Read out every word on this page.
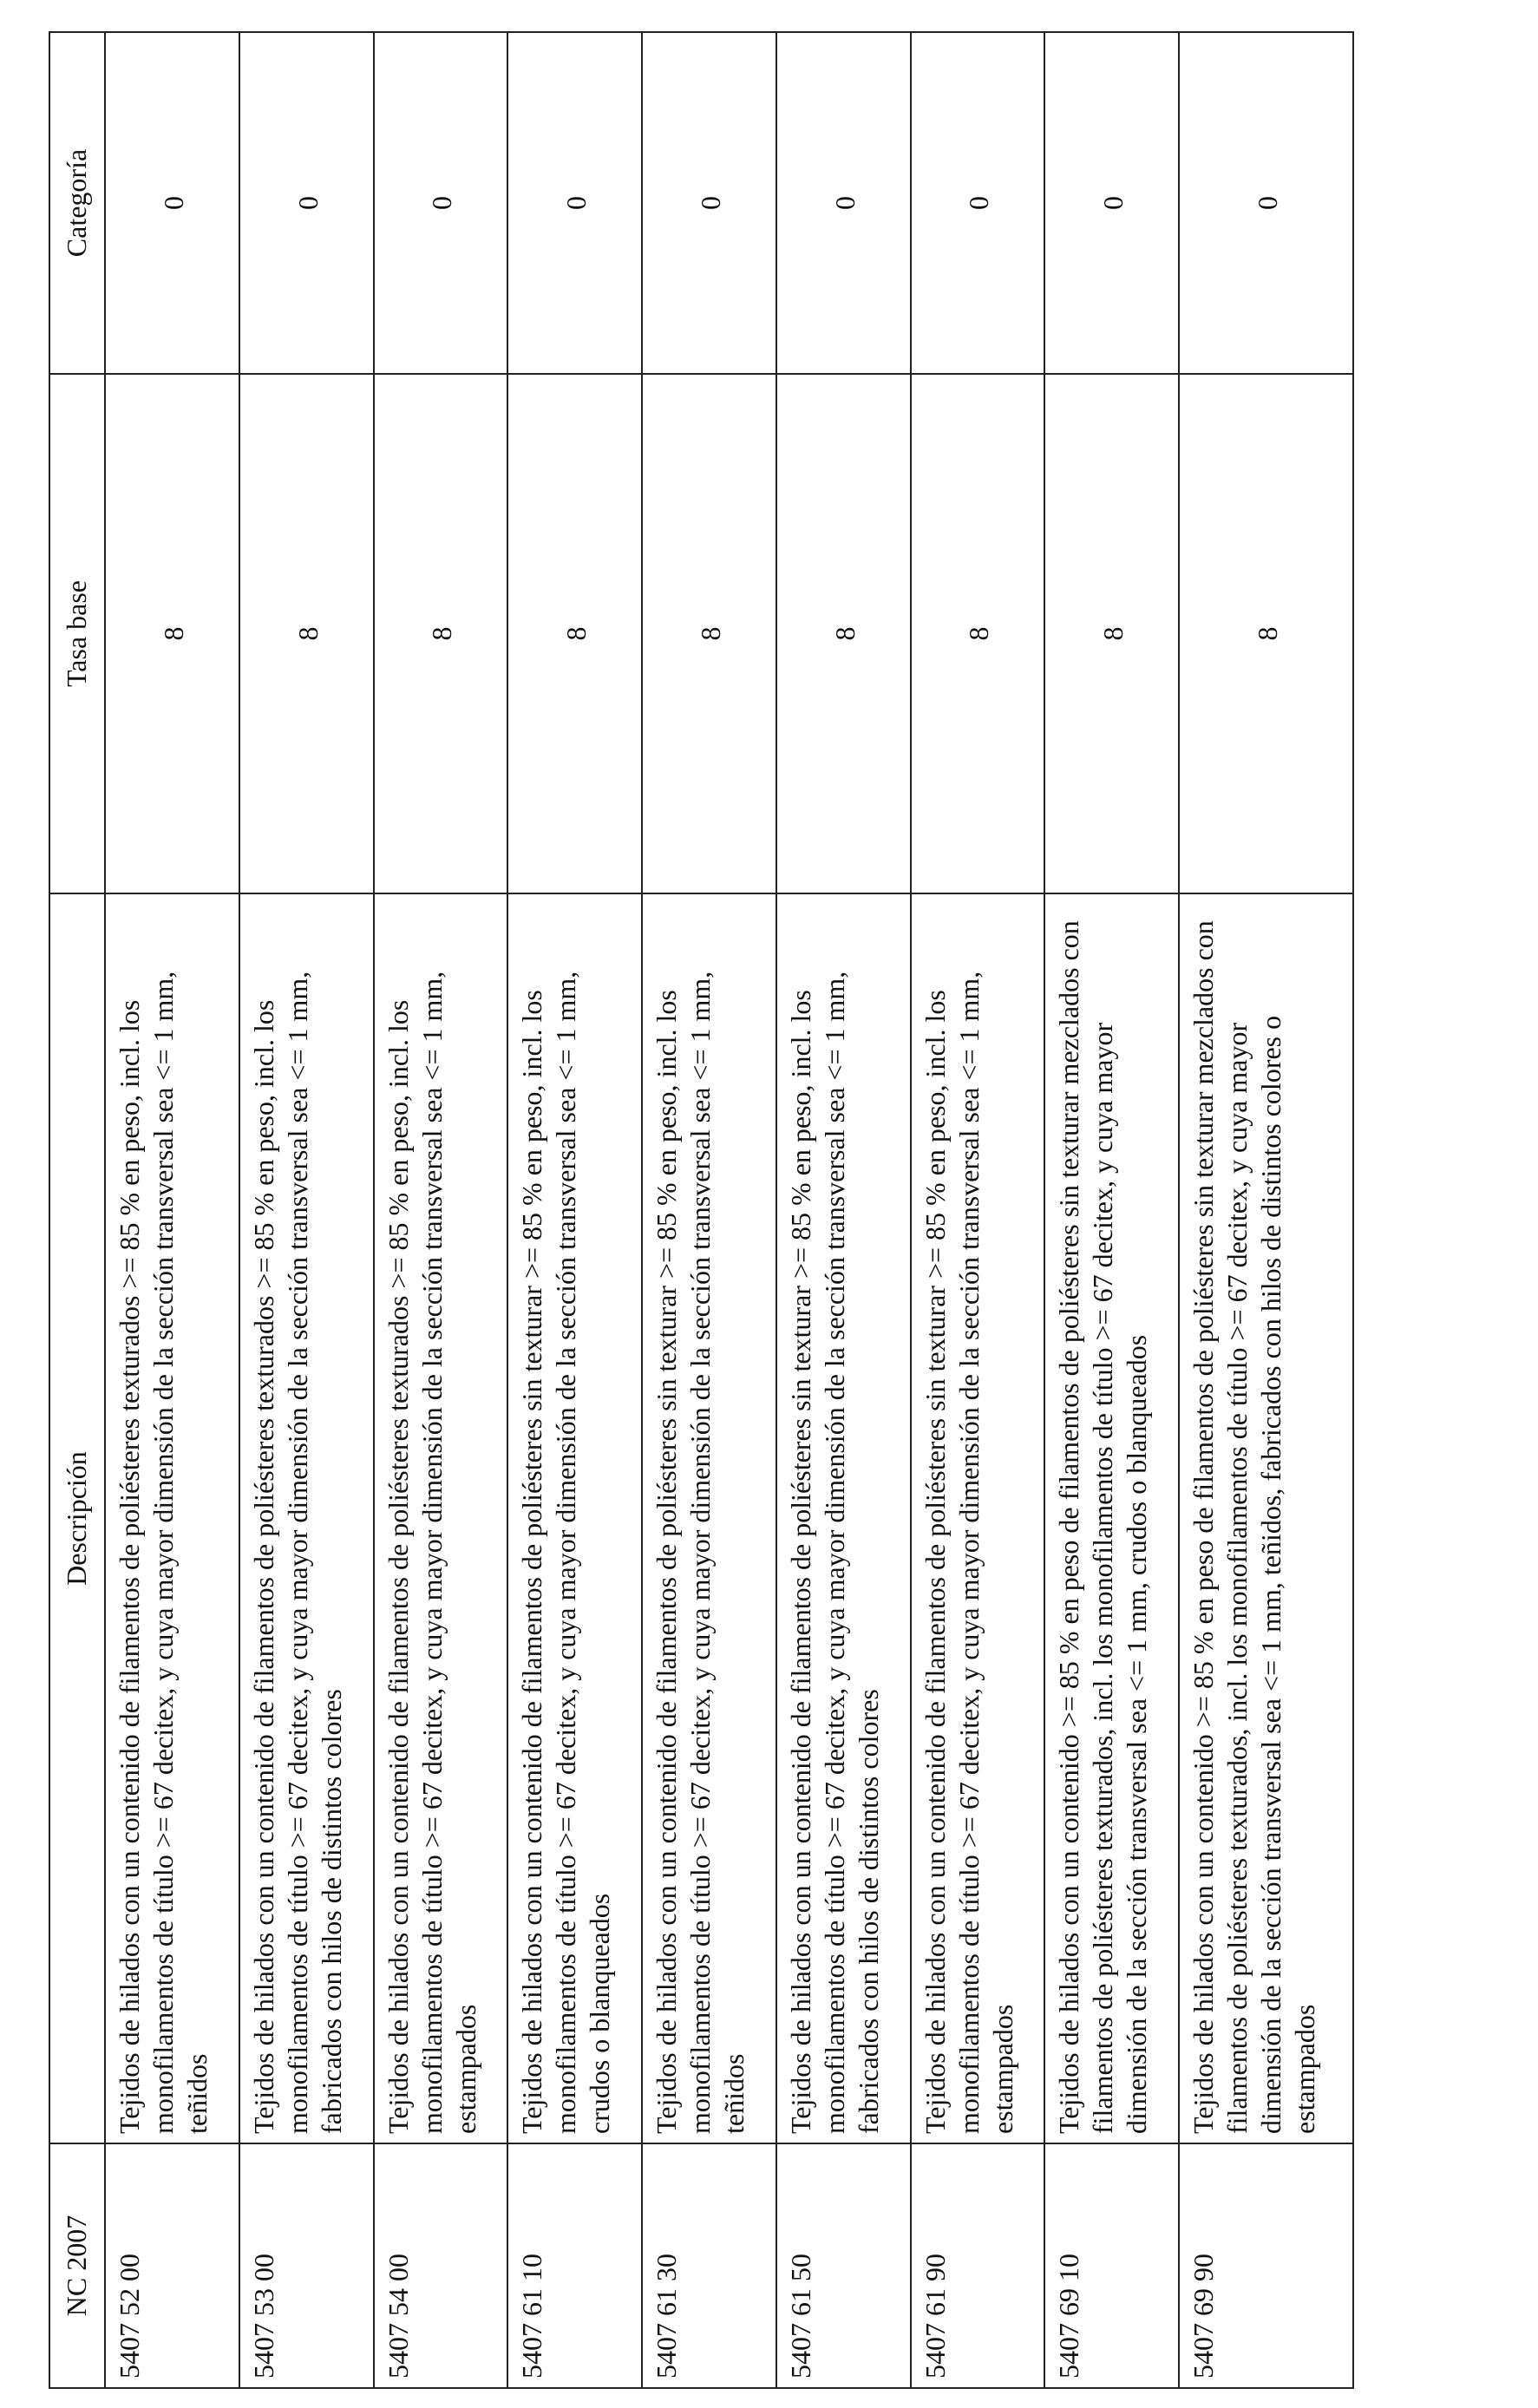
NC 2007	Descripción	Tasa base	Categoría
5407 52 00	Tejidos de hilados con un contenido de filamentos de poliésteres texturados >= 85 % en peso, incl. los monofilamentos de título >= 67 decitex, y cuya mayor dimensión de la sección transversal sea <= 1 mm, teñidos	8	0
5407 53 00	Tejidos de hilados con un contenido de filamentos de poliésteres texturados >= 85 % en peso, incl. los monofilamentos de título >= 67 decitex, y cuya mayor dimensión de la sección transversal sea <= 1 mm, fabricados con hilos de distintos colores	8	0
5407 54 00	Tejidos de hilados con un contenido de filamentos de poliésteres texturados >= 85 % en peso, incl. los monofilamentos de título >= 67 decitex, y cuya mayor dimensión de la sección transversal sea <= 1 mm, estampados	8	0
5407 61 10	Tejidos de hilados con un contenido de filamentos de poliésteres sin texturar >= 85 % en peso, incl. los monofilamentos de título >= 67 decitex, y cuya mayor dimensión de la sección transversal sea <= 1 mm, crudos o blanqueados	8	0
5407 61 30	Tejidos de hilados con un contenido de filamentos de poliésteres sin texturar >= 85 % en peso, incl. los monofilamentos de título >= 67 decitex, y cuya mayor dimensión de la sección transversal sea <= 1 mm, teñidos	8	0
5407 61 50	Tejidos de hilados con un contenido de filamentos de poliésteres sin texturar >= 85 % en peso, incl. los monofilamentos de título >= 67 decitex, y cuya mayor dimensión de la sección transversal sea <= 1 mm, fabricados con hilos de distintos colores	8	0
5407 61 90	Tejidos de hilados con un contenido de filamentos de poliésteres sin texturar >= 85 % en peso, incl. los monofilamentos de título >= 67 decitex, y cuya mayor dimensión de la sección transversal sea <= 1 mm, estampados	8	0
5407 69 10	Tejidos de hilados con un contenido >= 85 % en peso de filamentos de poliésteres sin texturar mezclados con filamentos de poliésteres texturados, incl. los monofilamentos de título >= 67 decitex, y cuya mayor dimensión de la sección transversal sea <= 1 mm, crudos o blanqueados	8	0
5407 69 90	Tejidos de hilados con un contenido >= 85 % en peso de filamentos de poliésteres sin texturar mezclados con filamentos de poliésteres texturados, incl. los monofilamentos de título >= 67 decitex, y cuya mayor dimensión de la sección transversal sea <= 1 mm, teñidos, fabricados con hilos de distintos colores o estampados	8	0
